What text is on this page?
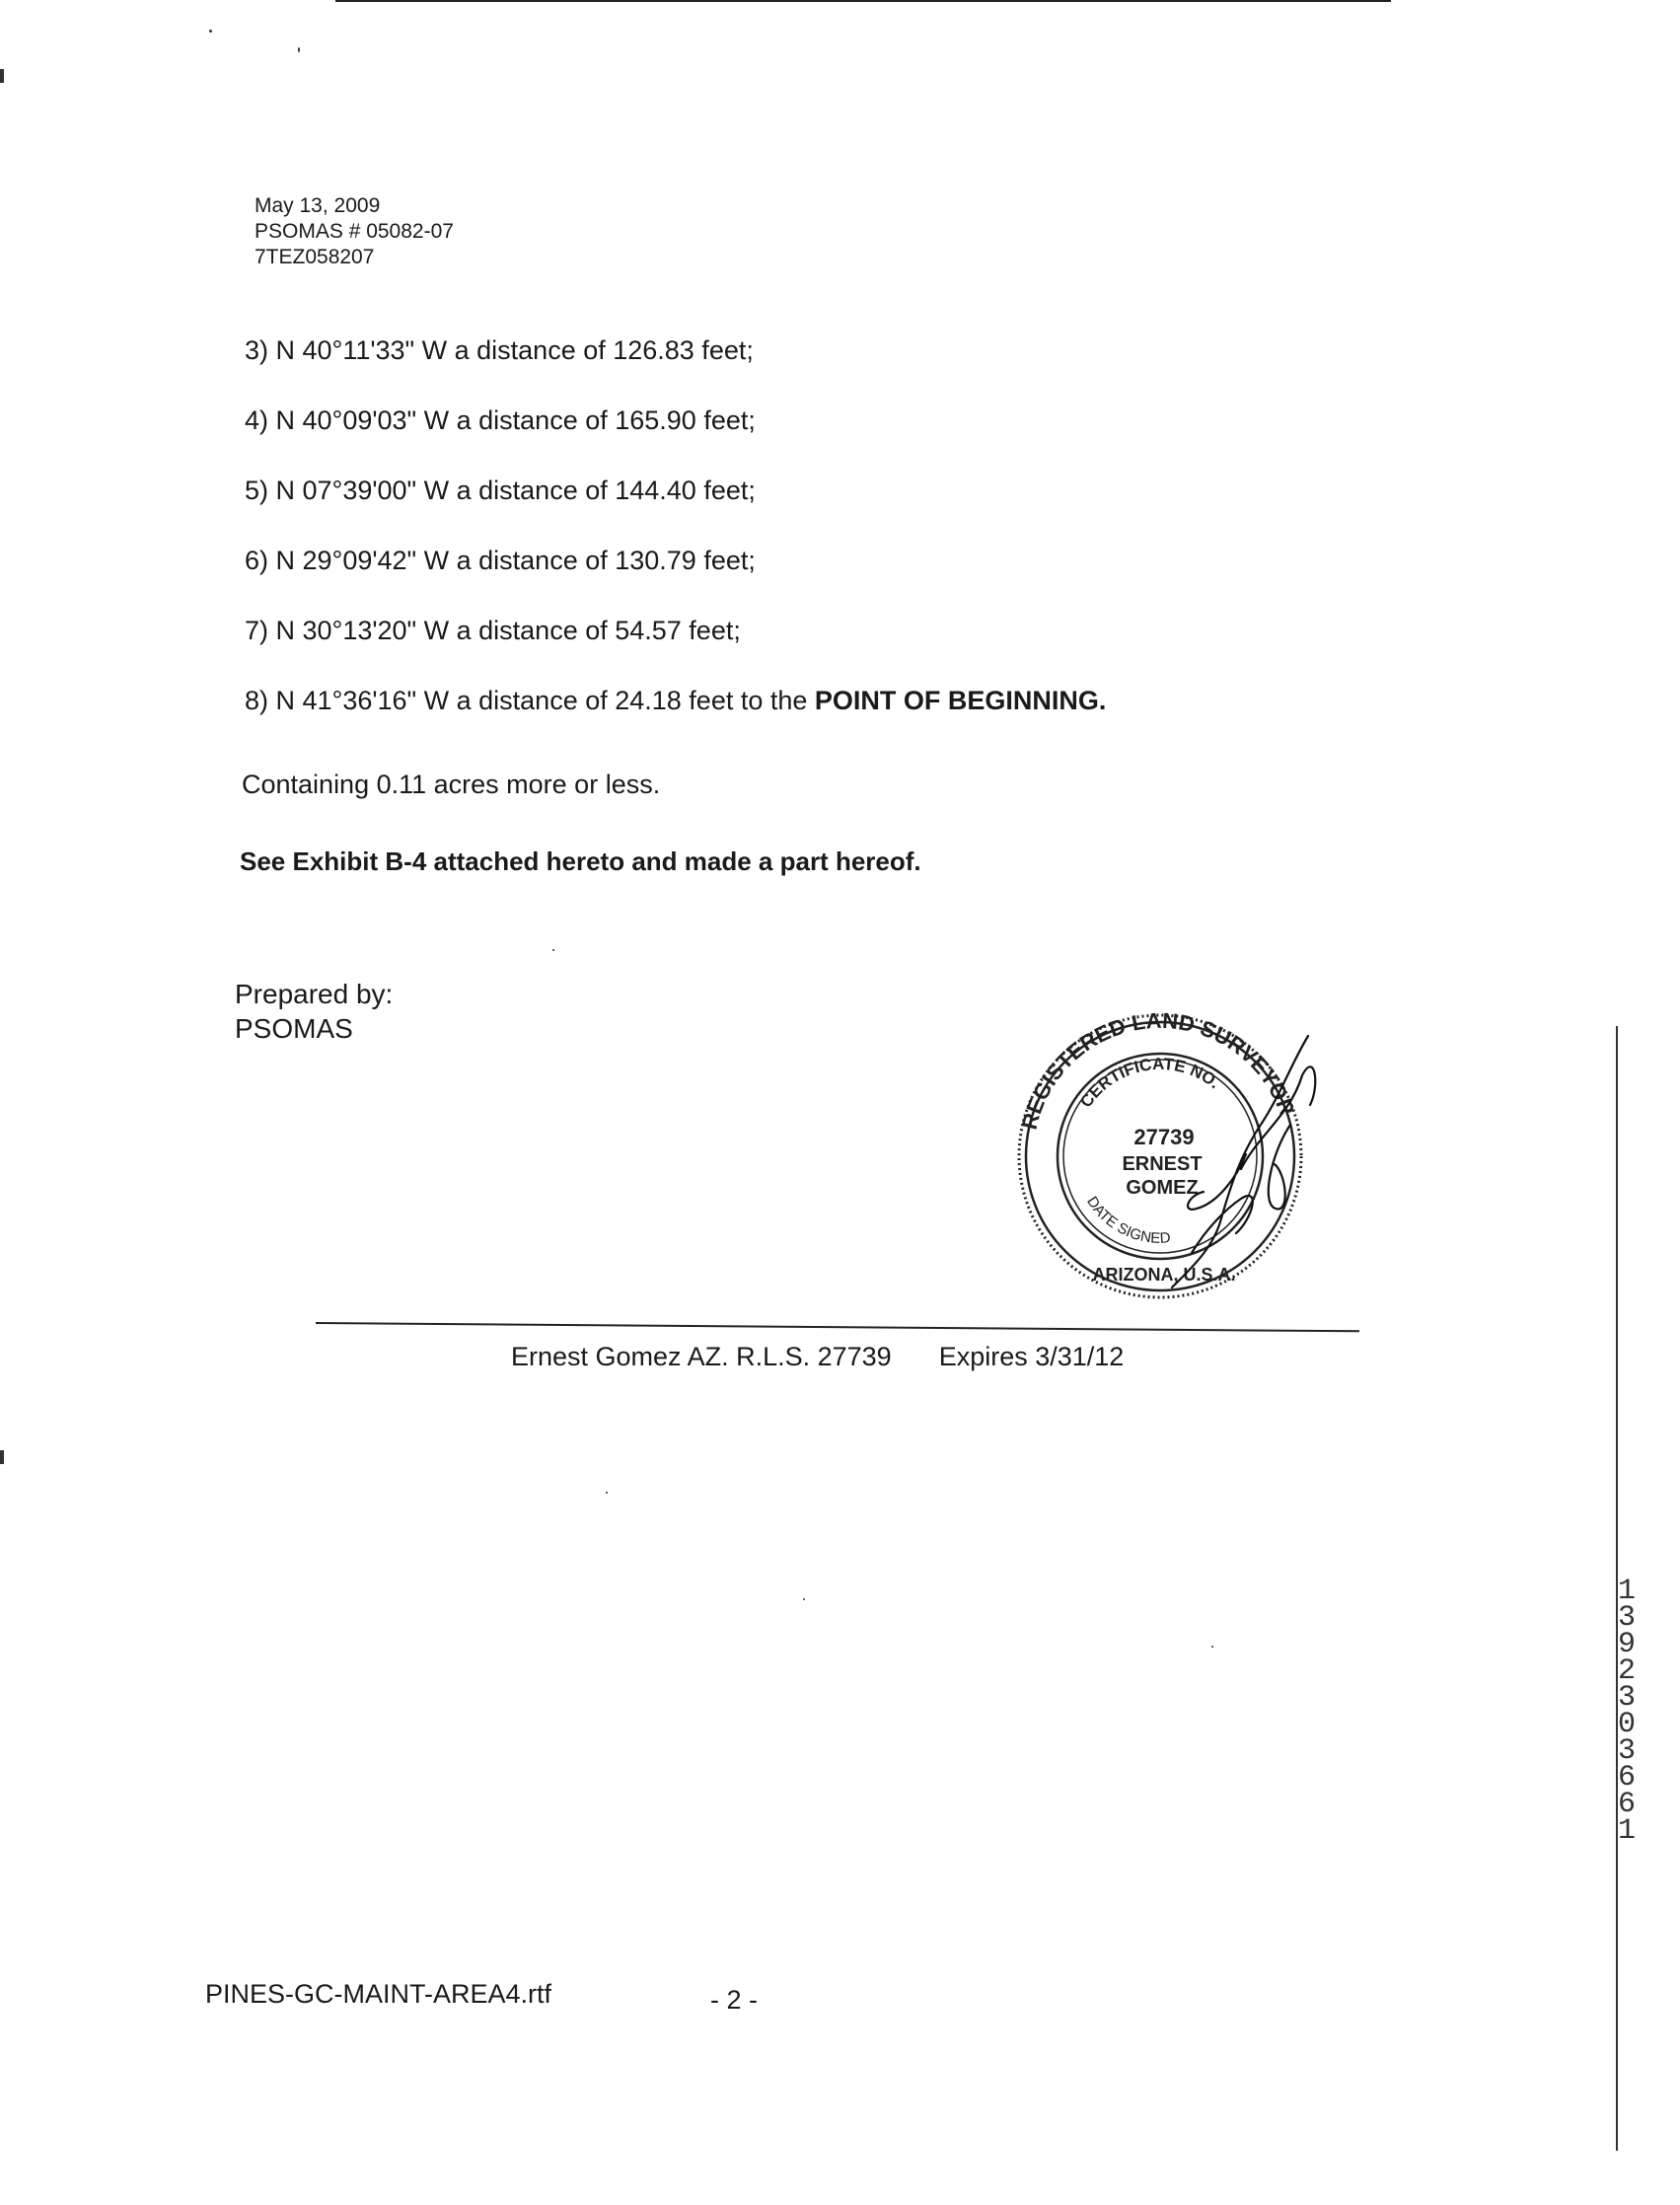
May 13, 2009
PSOMAS # 05082-07
7TEZ058207
3) N 40°11'33" W a distance of 126.83 feet;
4) N 40°09'03" W a distance of 165.90 feet;
5) N 07°39'00" W a distance of 144.40 feet;
6) N 29°09'42" W a distance of 130.79 feet;
7) N 30°13'20" W a distance of 54.57 feet;
8) N 41°36'16" W a distance of 24.18 feet to the POINT OF BEGINNING.
Containing 0.11 acres more or less.
See Exhibit B-4 attached hereto and made a part hereof.
Prepared by:
PSOMAS
REGISTERED LAND SURVEYOR
CERTIFICATE NO.
27739
ERNEST
GOMEZ
DATE SIGNED
ARIZONA, U.S.A.
Ernest Gomez AZ. R.L.S. 27739 Expires 3/31/12
1
3
9
2
3
0
3
6
6
1
PINES-GC-MAINT-AREA4.rtf	- 2 -
